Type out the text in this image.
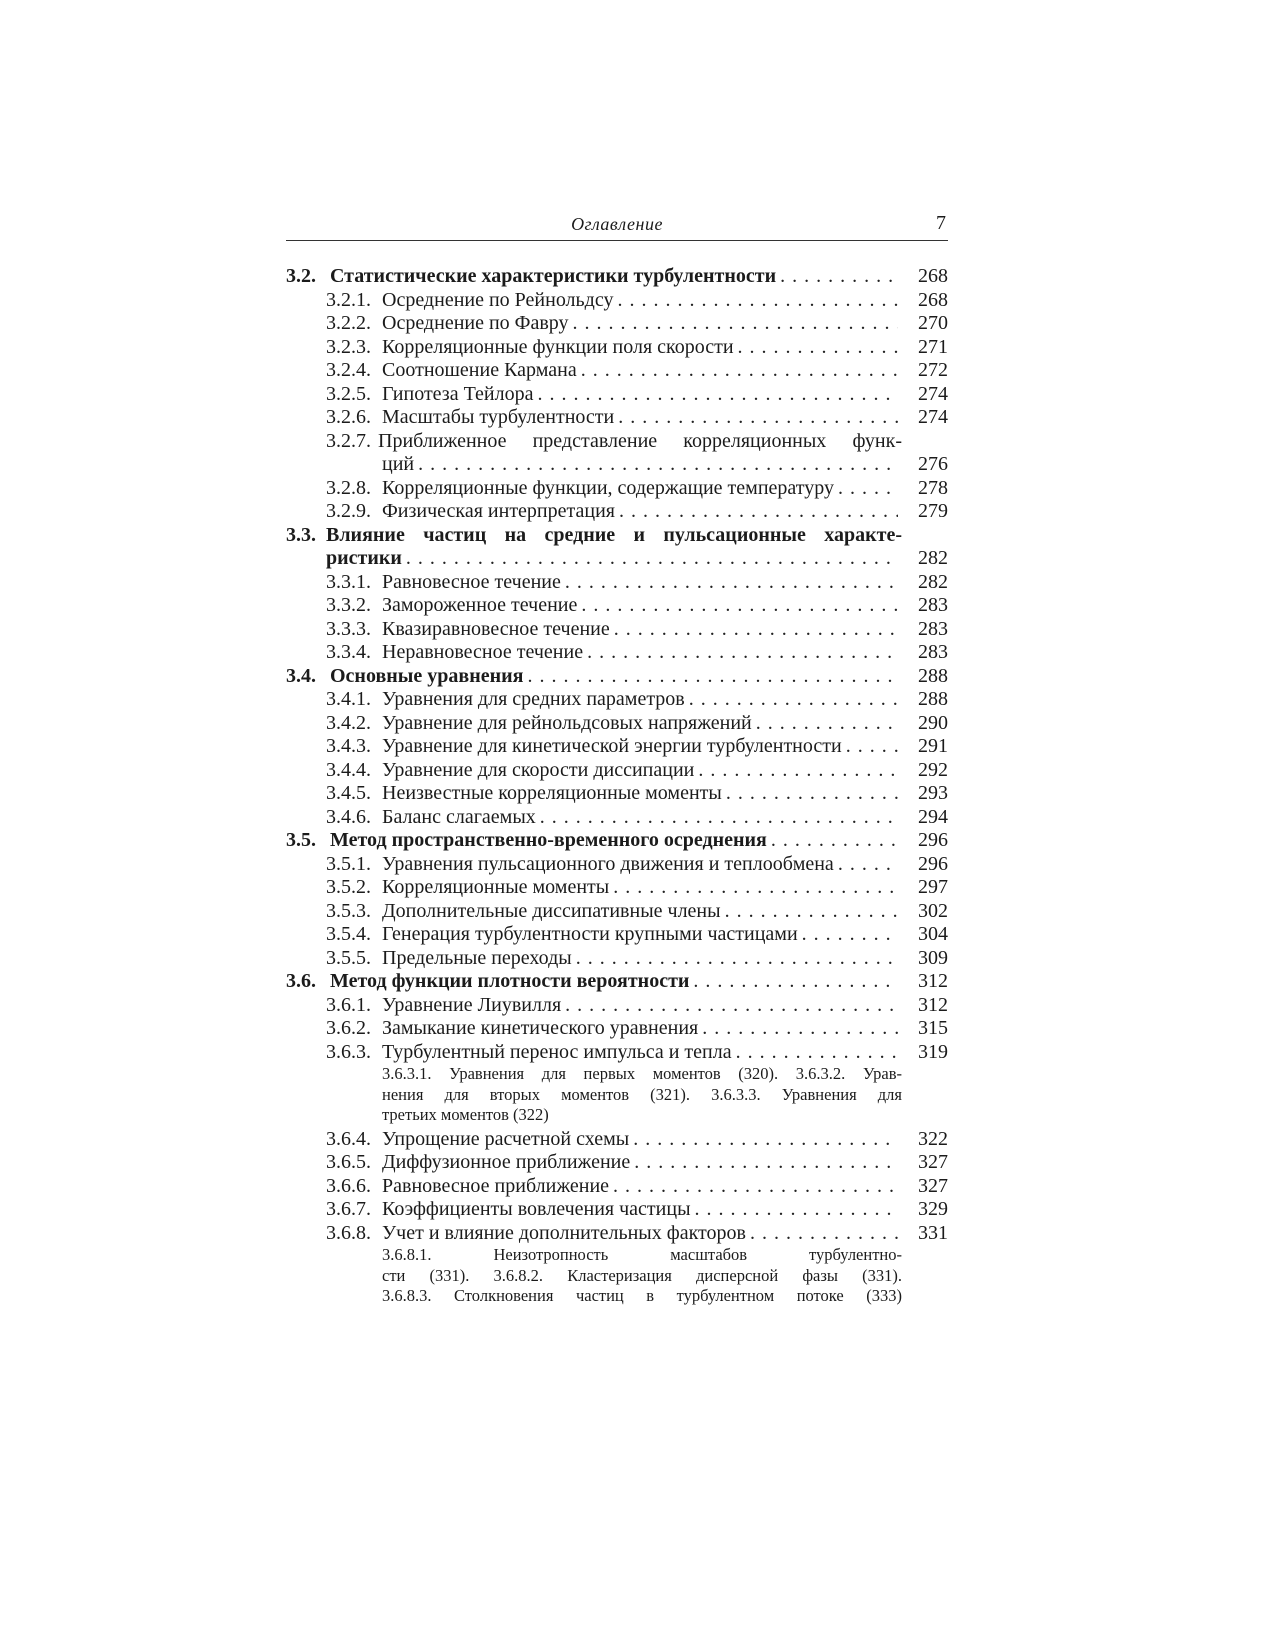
Оглавление	7
3.2. Статистические характеристики турбулентности . . .	268
3.2.1. Осреднение по Рейнольдсу . . .	268
3.2.2. Осреднение по Фавру . . .	270
3.2.3. Корреляционные функции поля скорости . . .	271
3.2.4. Соотношение Кармана . . .	272
3.2.5. Гипотеза Тейлора . . .	274
3.2.6. Масштабы турбулентности . . .	274
3.2.7. Приближенное представление корреляционных функ-
ций . . .	276
3.2.8. Корреляционные функции, содержащие температуру . . .	278
3.2.9. Физическая интерпретация . . .	279
3.3. Влияние частиц на средние и пульсационные характе-
ристики . . .	282
3.3.1. Равновесное течение . . .	282
3.3.2. Замороженное течение . . .	283
3.3.3. Квазиравновесное течение . . .	283
3.3.4. Неравновесное течение . . .	283
3.4. Основные уравнения . . .	288
3.4.1. Уравнения для средних параметров . . .	288
3.4.2. Уравнение для рейнольдсовых напряжений . . .	290
3.4.3. Уравнение для кинетической энергии турбулентности . . .	291
3.4.4. Уравнение для скорости диссипации . . .	292
3.4.5. Неизвестные корреляционные моменты . . .	293
3.4.6. Баланс слагаемых . . .	294
3.5. Метод пространственно-временного осреднения . . .	296
3.5.1. Уравнения пульсационного движения и теплообмена . . .	296
3.5.2. Корреляционные моменты . . .	297
3.5.3. Дополнительные диссипативные члены . . .	302
3.5.4. Генерация турбулентности крупными частицами . . .	304
3.5.5. Предельные переходы . . .	309
3.6. Метод функции плотности вероятности . . .	312
3.6.1. Уравнение Лиувилля . . .	312
3.6.2. Замыкание кинетического уравнения . . .	315
3.6.3. Турбулентный перенос импульса и тепла . . .	319

3.6.3.1. Уравнения для первых моментов (320). 3.6.3.2. Урав-

нения для вторых моментов (321). 3.6.3.3. Уравнения для

третьих моментов (322)

3.6.4. Упрощение расчетной схемы . . .	322
3.6.5. Диффузионное приближение . . .	327
3.6.6. Равновесное приближение . . .	327
3.6.7. Коэффициенты вовлечения частицы . . .	329
3.6.8. Учет и влияние дополнительных факторов . . .	331

3.6.8.1. Неизотропность масштабов турбулентно-

сти (331). 3.6.8.2. Кластеризация дисперсной фазы (331).

3.6.8.3. Столкновения частиц в турбулентном потоке (333)
